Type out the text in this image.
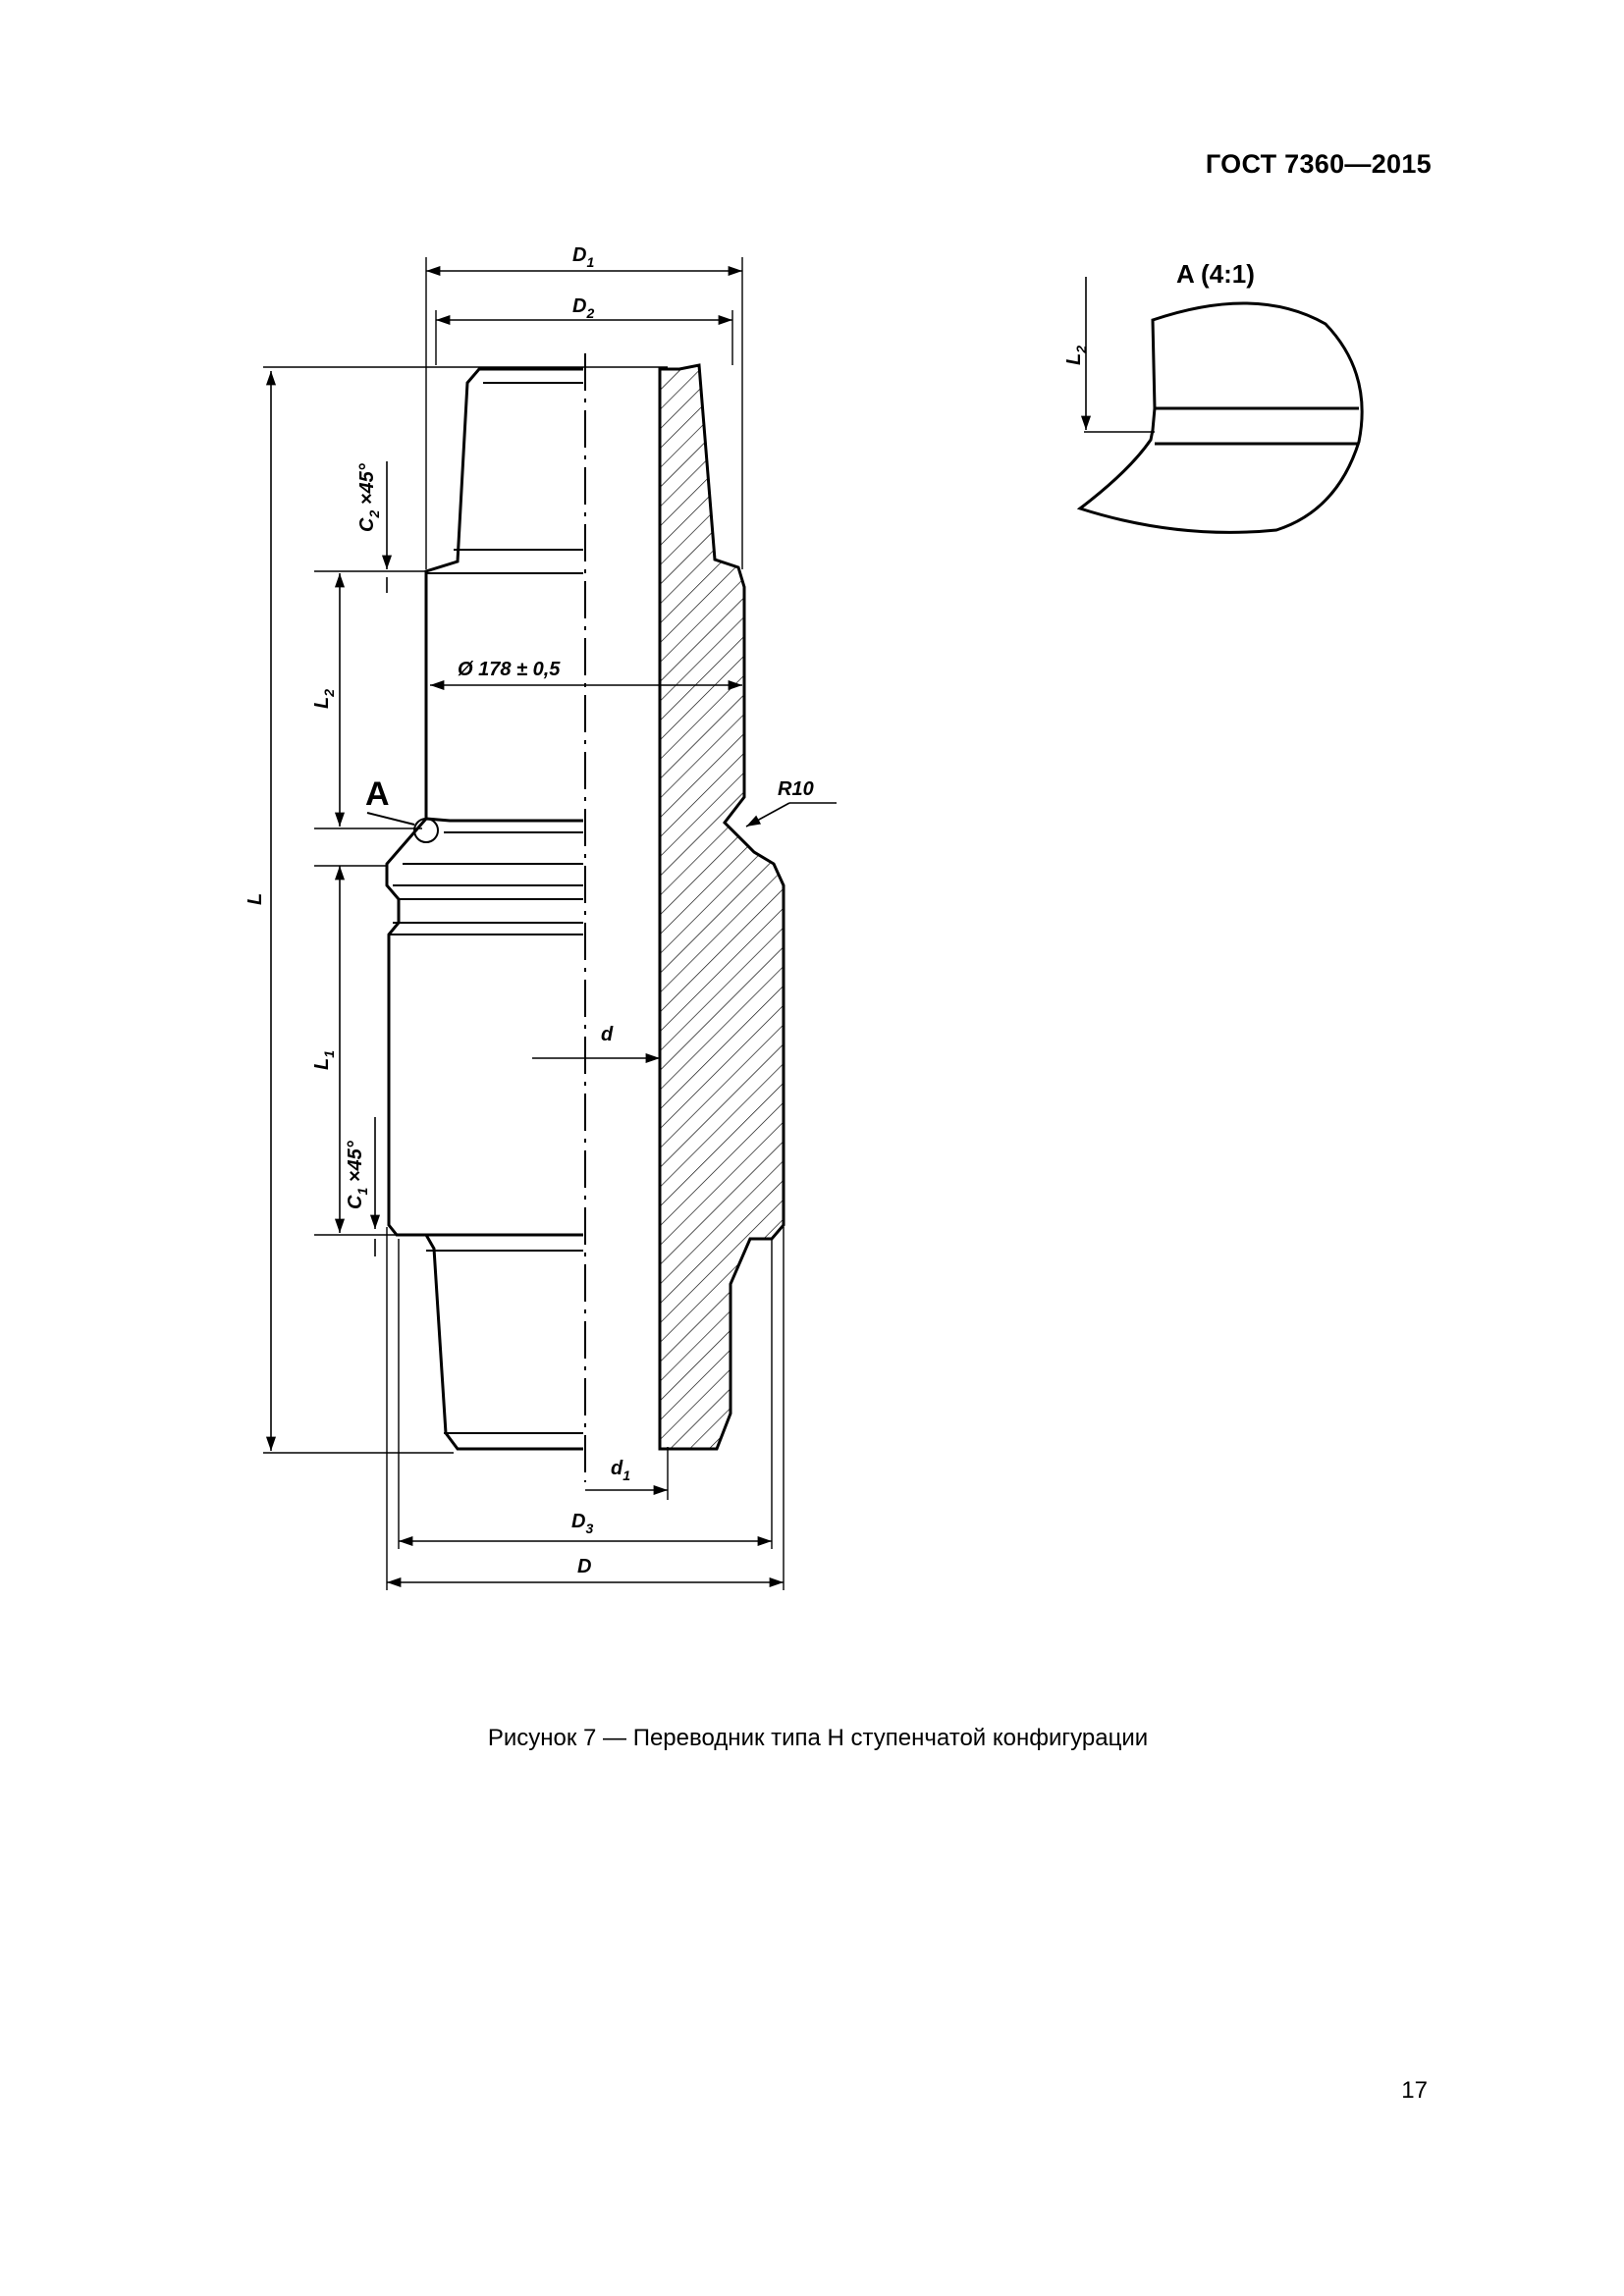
ГОСТ 7360—2015
$D_1$
$D_2$
Ø 178 ± 0,5
R10
A
d
$d_1$
$D_3$
D
L
$L_2$
$L_1$
$C_2 \times 45^\circ$
$C_1 \times 45^\circ$
A (4:1)
$L_2$
Рисунок 7 — Переводник типа Н ступенчатой конфигурации
17
